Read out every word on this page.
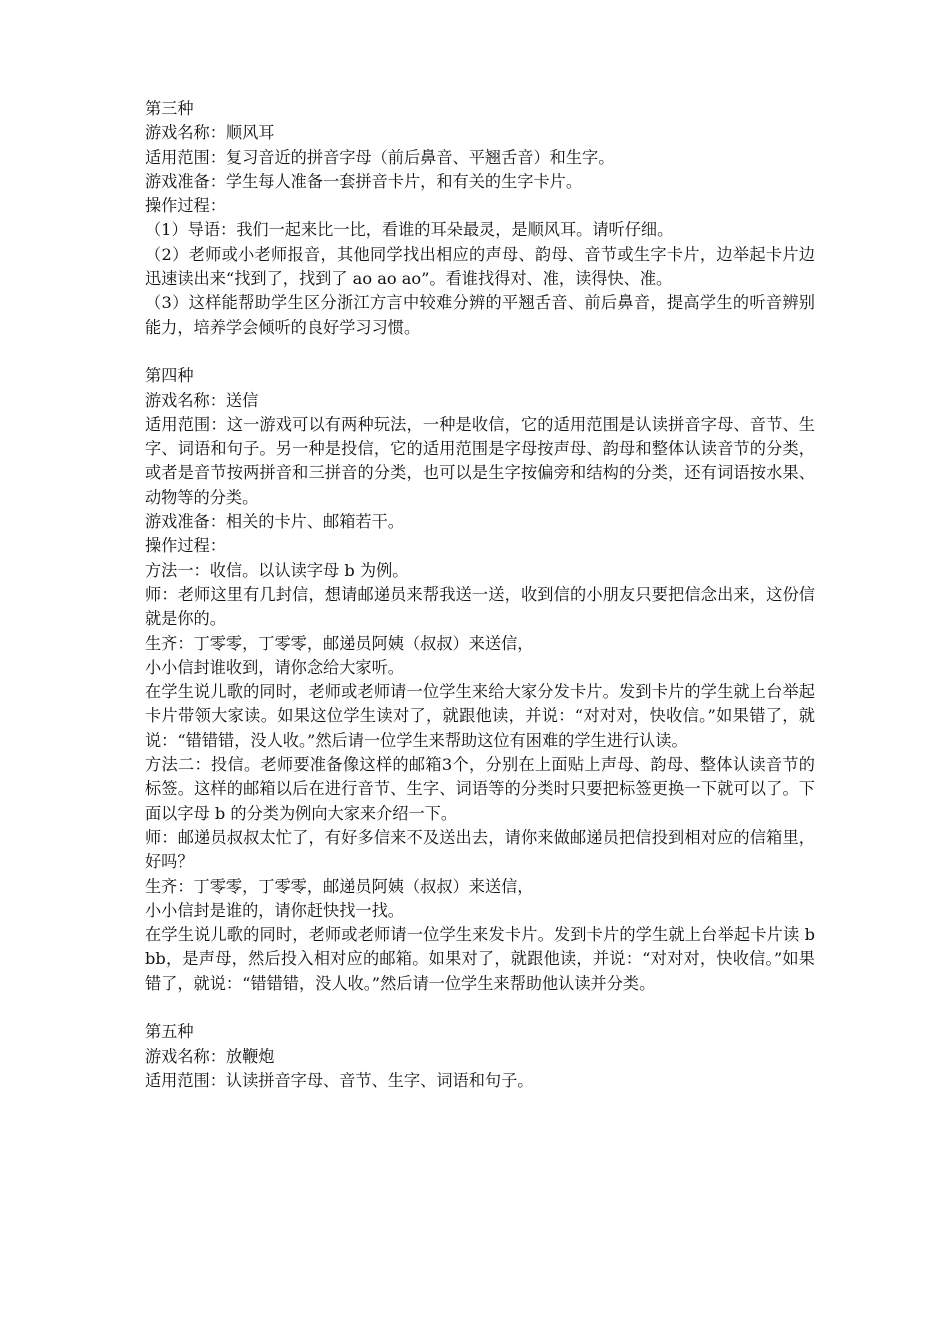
第三种
游戏名称：顺风耳
适用范围：复习音近的拼音字母（前后鼻音、平翘舌音）和生字。
游戏准备：学生每人准备一套拼音卡片，和有关的生字卡片。
操作过程：
（1）导语：我们一起来比一比，看谁的耳朵最灵，是顺风耳。请听仔细。
（2）老师或小老师报音，其他同学找出相应的声母、韵母、音节或生字卡片，边举起卡片边迅速读出来“找到了，找到了 ao ao ao”。看谁找得对、准，读得快、准。
（3）这样能帮助学生区分浙江方言中较难分辨的平翘舌音、前后鼻音，提高学生的听音辨别能力，培养学会倾听的良好学习习惯。
第四种
游戏名称：送信
适用范围：这一游戏可以有两种玩法，一种是收信，它的适用范围是认读拼音字母、音节、生字、词语和句子。另一种是投信，它的适用范围是字母按声母、韵母和整体认读音节的分类，或者是音节按两拼音和三拼音的分类，也可以是生字按偏旁和结构的分类，还有词语按水果、动物等的分类。
游戏准备：相关的卡片、邮箱若干。
操作过程：
方法一：收信。以认读字母 b 为例。
师：老师这里有几封信，想请邮递员来帮我送一送，收到信的小朋友只要把信念出来，这份信就是你的。
生齐：丁零零，丁零零，邮递员阿姨（叔叔）来送信，
小小信封谁收到，请你念给大家听。
在学生说儿歌的同时，老师或老师请一位学生来给大家分发卡片。发到卡片的学生就上台举起卡片带领大家读。如果这位学生读对了，就跟他读，并说：“对对对，快收信。”如果错了，就说：“错错错，没人收。”然后请一位学生来帮助这位有困难的学生进行认读。
方法二：投信。老师要准备像这样的邮箱3个，分别在上面贴上声母、韵母、整体认读音节的标签。这样的邮箱以后在进行音节、生字、词语等的分类时只要把标签更换一下就可以了。下面以字母 b 的分类为例向大家来介绍一下。
师：邮递员叔叔太忙了，有好多信来不及送出去，请你来做邮递员把信投到相对应的信箱里，好吗？
生齐：丁零零，丁零零，邮递员阿姨（叔叔）来送信，
小小信封是谁的，请你赶快找一找。
在学生说儿歌的同时，老师或老师请一位学生来发卡片。发到卡片的学生就上台举起卡片读 bbb，是声母，然后投入相对应的邮箱。如果对了，就跟他读，并说：“对对对，快收信。”如果错了，就说：“错错错，没人收。”然后请一位学生来帮助他认读并分类。
第五种
游戏名称：放鞭炮
适用范围：认读拼音字母、音节、生字、词语和句子。
